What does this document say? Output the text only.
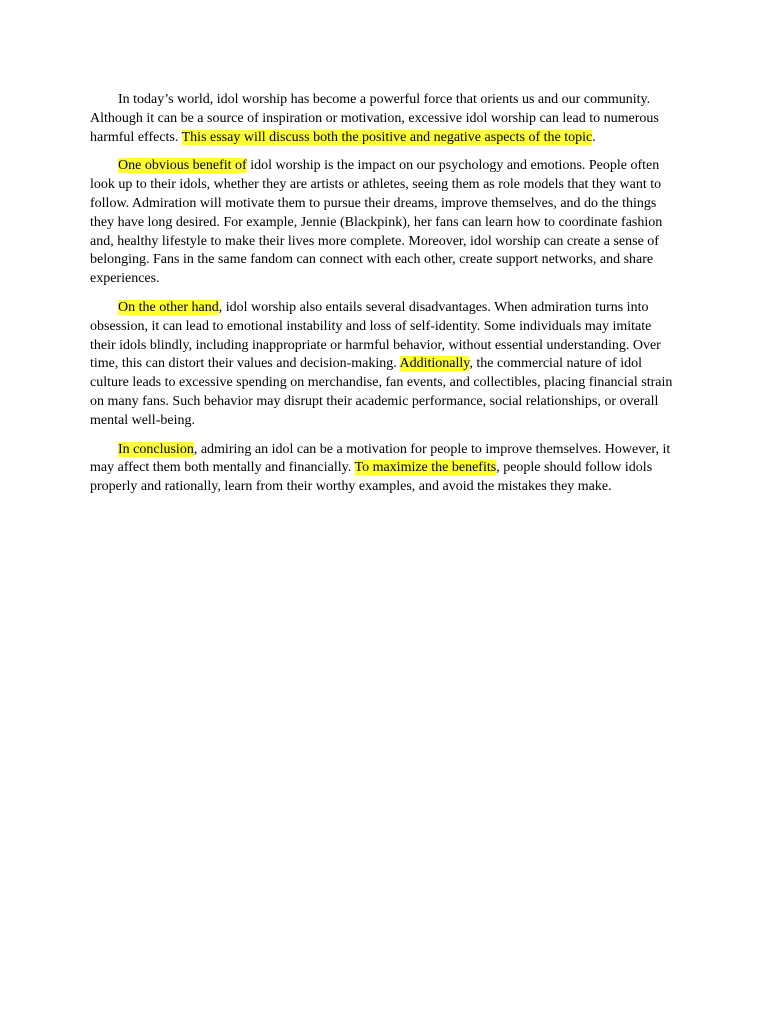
In today’s world, idol worship has become a powerful force that orients us and our community. Although it can be a source of inspiration or motivation, excessive idol worship can lead to numerous harmful effects. This essay will discuss both the positive and negative aspects of the topic.

One obvious benefit of idol worship is the impact on our psychology and emotions. People often look up to their idols, whether they are artists or athletes, seeing them as role models that they want to follow. Admiration will motivate them to pursue their dreams, improve themselves, and do the things they have long desired. For example, Jennie (Blackpink), her fans can learn how to coordinate fashion and, healthy lifestyle to make their lives more complete. Moreover, idol worship can create a sense of belonging. Fans in the same fandom can connect with each other, create support networks, and share experiences.

On the other hand, idol worship also entails several disadvantages. When admiration turns into obsession, it can lead to emotional instability and loss of self-identity. Some individuals may imitate their idols blindly, including inappropriate or harmful behavior, without essential understanding. Over time, this can distort their values and decision-making. Additionally, the commercial nature of idol culture leads to excessive spending on merchandise, fan events, and collectibles, placing financial strain on many fans. Such behavior may disrupt their academic performance, social relationships, or overall mental well-being.

In conclusion, admiring an idol can be a motivation for people to improve themselves. However, it may affect them both mentally and financially. To maximize the benefits, people should follow idols properly and rationally, learn from their worthy examples, and avoid the mistakes they make.
